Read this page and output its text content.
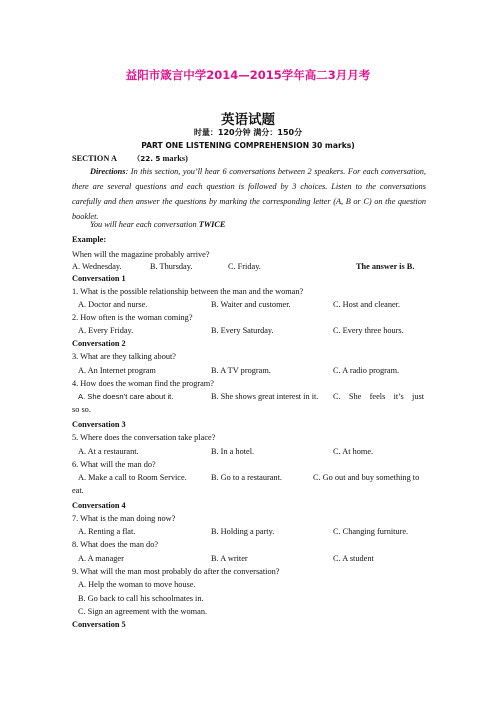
益阳市箴言中学2014—2015学年高二3月月考
英语试题
时量：120分钟 满分：150分
PART ONE LISTENING COMPREHENSION 30 marks)
SECTION A （22. 5 marks)
Directions: In this section, you’ll hear 6 conversations between 2 speakers. For each conversation, there are several questions and each question is followed by 3 choices. Listen to the conversations carefully and then answer the questions by marking the corresponding letter (A, B or C) on the question booklet.
You will hear each conversation TWICE
Example:
When will the magazine probably arrive?
A. Wednesday.	B. Thursday.	C. Friday.	The answer is B.
Conversation 1
1. What is the possible relationship between the man and the woman?
A. Doctor and nurse.	B. Waiter and customer.	C. Host and cleaner.
2. How often is the woman coming?
A. Every Friday.	B. Every Saturday.	C. Every three hours.
Conversation 2
3. What are they talking about?
A. An Internet program	B. A TV program.	C. A radio program.
4. How does the woman find the program?
A. She doesn’t care about it.	B. She shows great interest in it. C.    She    feels    it’s    just
so so.
Conversation 3
5. Where does the conversation take place?
A. At a restaurant.	B. In a hotel.	C. At home.
6. What will the man do?
A. Make a call to Room Service.	B. Go to a restaurant.	C. Go out and buy something to
eat.
Conversation 4
7. What is the man doing now?
A. Renting a flat.	B. Holding a party.	C. Changing furniture.
8. What does the man do?
A. A manager	B. A writer	C. A student
9. What will the man most probably do after the conversation?
A. Help the woman to move house.
B. Go back to call his schoolmates in.
C. Sign an agreement with the woman.
Conversation 5
